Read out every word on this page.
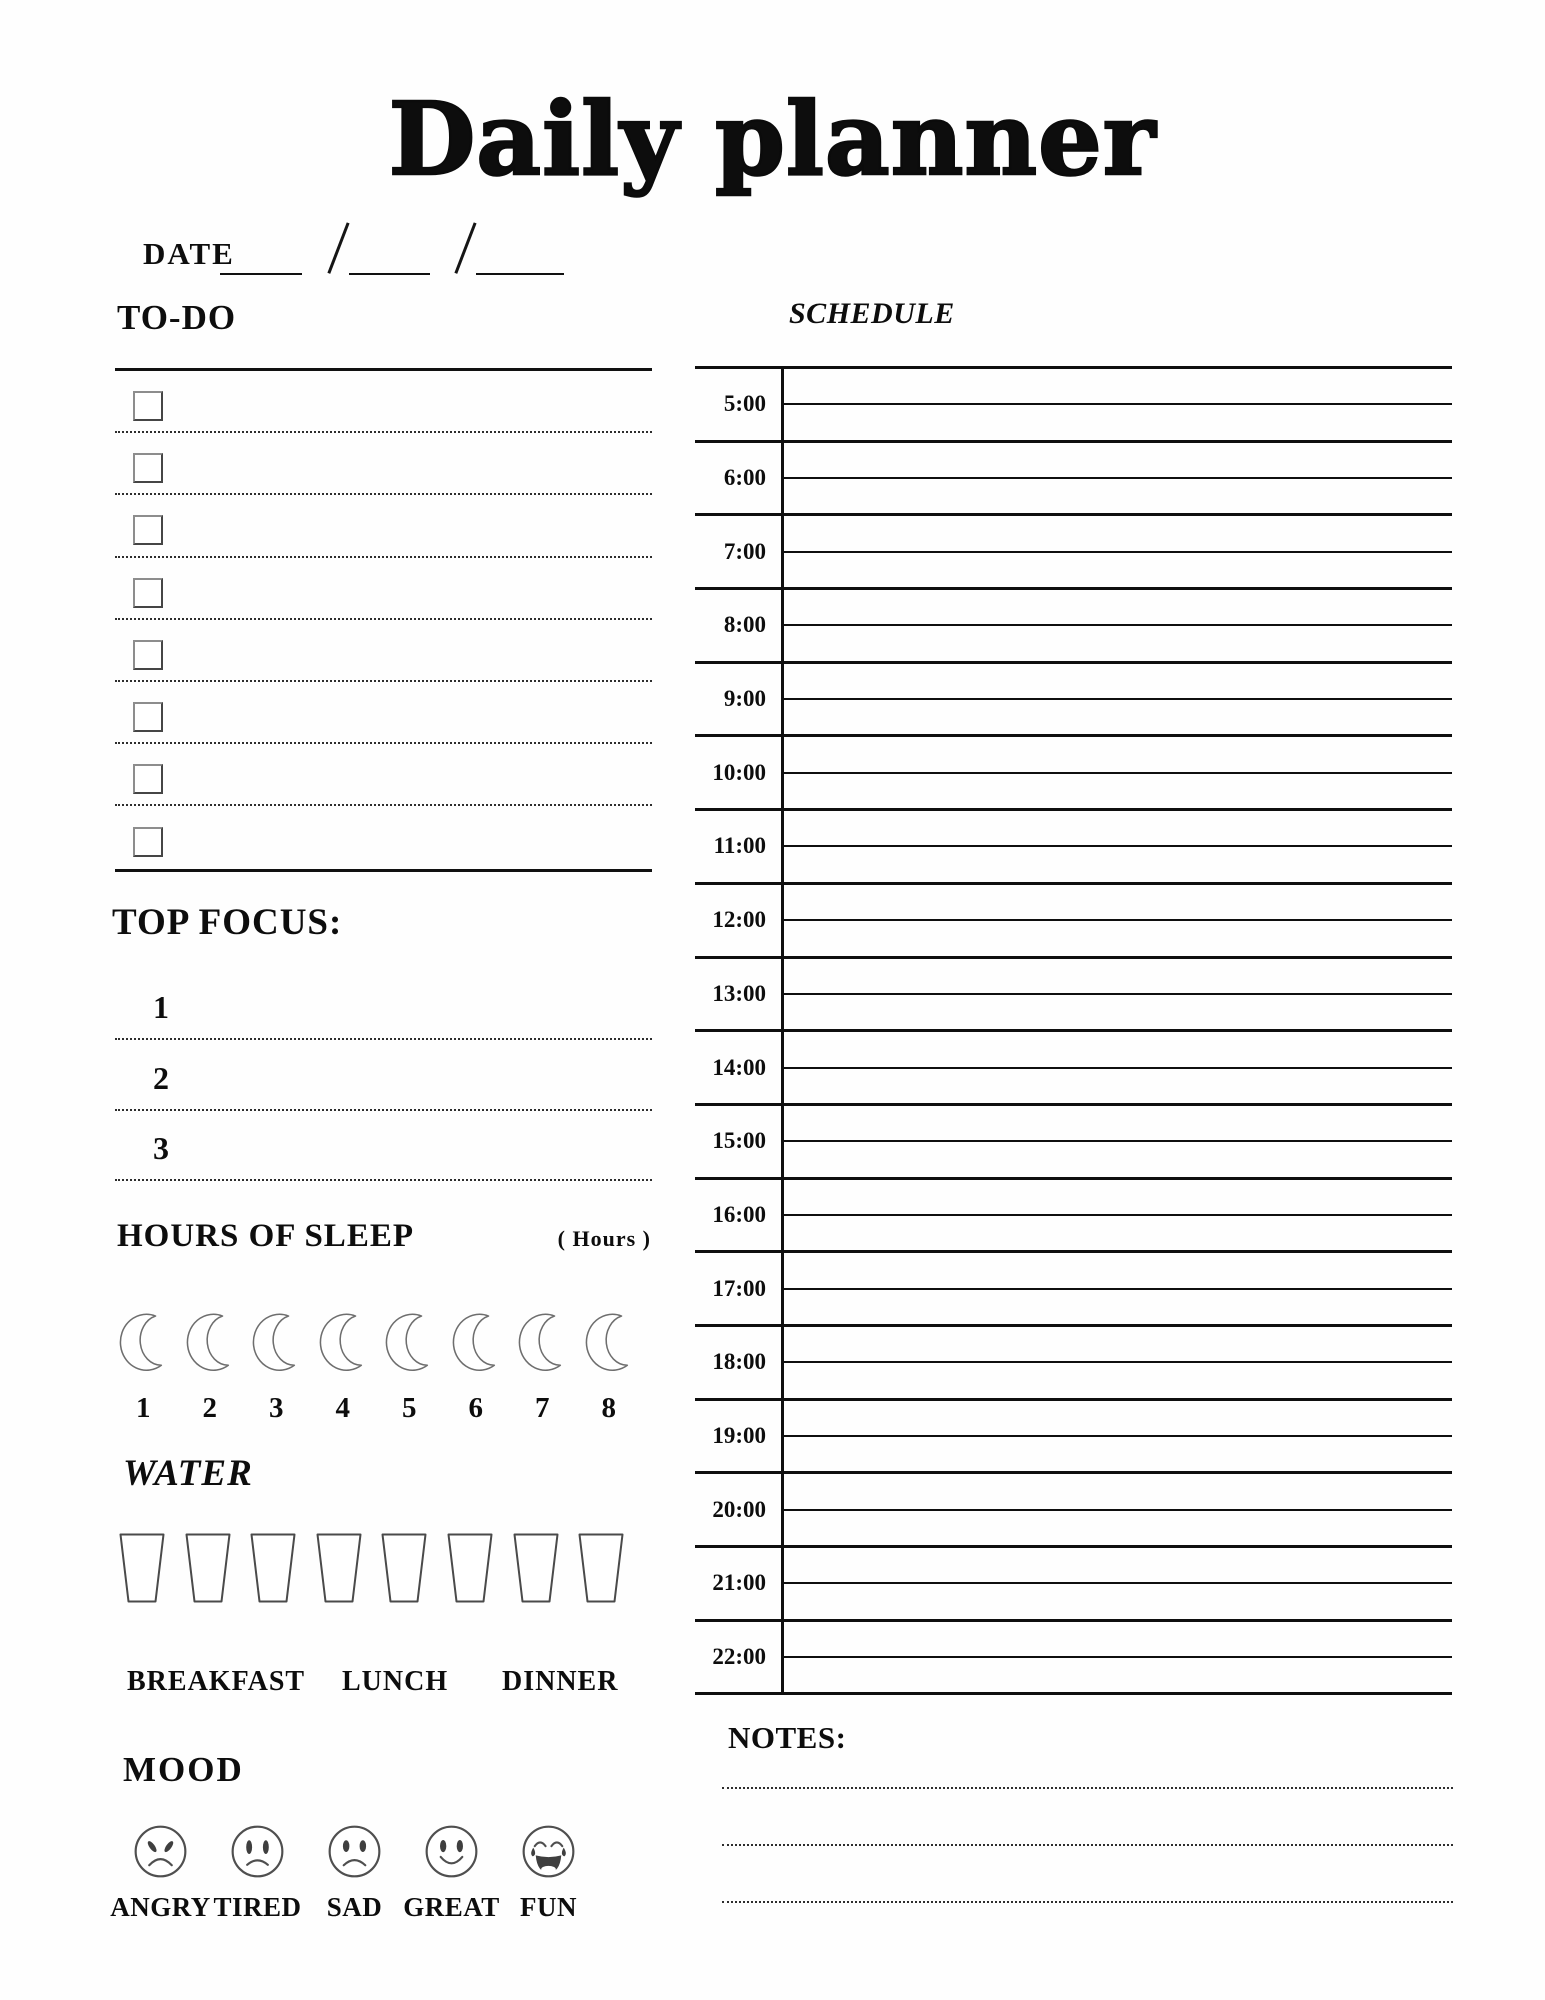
Daily planner
DATE
TO-DO
TOP FOCUS:
1
2
3
HOURS OF SLEEP	( Hours )
1 2 3 4 5 6 7 8
WATER
BREAKFAST LUNCH DINNER
MOOD
ANGRY TIRED SAD GREAT FUN
SCHEDULE
5:00
6:00
7:00
8:00
9:00
10:00
11:00
12:00
13:00
14:00
15:00
16:00
17:00
18:00
19:00
20:00
21:00
22:00
NOTES:
